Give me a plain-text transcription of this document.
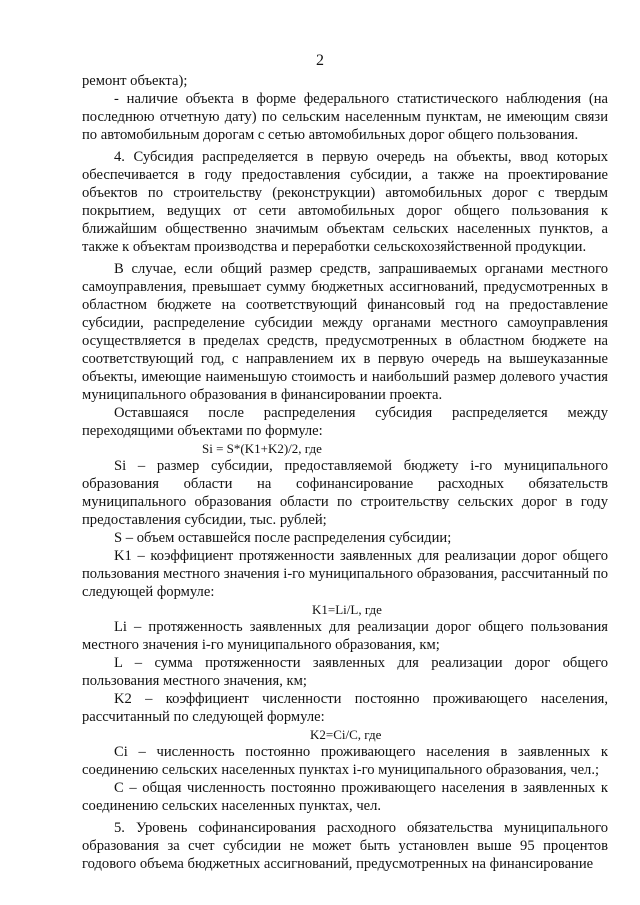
2

ремонт объекта);

- наличие объекта в форме федерального статистического наблюдения (на последнюю отчетную дату) по сельским населенным пунктам, не имеющим связи по автомобильным дорогам с сетью автомобильных дорог общего пользования.

4. Субсидия распределяется в первую очередь на объекты, ввод которых обеспечивается в году предоставления субсидии, а также на проектирование объектов по строительству (реконструкции) автомобильных дорог с твердым покрытием, ведущих от сети автомобильных дорог общего пользования к ближайшим общественно значимым объектам сельских населенных пунктов, а также к объектам производства и переработки сельскохозяйственной продукции.

В случае, если общий размер средств, запрашиваемых органами местного самоуправления, превышает сумму бюджетных ассигнований, предусмотренных в областном бюджете на соответствующий финансовый год на предоставление субсидии, распределение субсидии между органами местного самоуправления осуществляется в пределах средств, предусмотренных в областном бюджете на соответствующий год, с направлением их в первую очередь на вышеуказанные объекты, имеющие наименьшую стоимость и наибольший размер долевого участия муниципального образования в финансировании проекта.

Оставшаяся после распределения субсидия распределяется между переходящими объектами по формуле:

Si = S*(K1+K2)/2, где

Si – размер субсидии, предоставляемой бюджету i-го муниципального образования области на софинансирование расходных обязательств муниципального образования области по строительству сельских дорог в году предоставления субсидии, тыс. рублей;

S – объем оставшейся после распределения субсидии;

K1 – коэффициент протяженности заявленных для реализации дорог общего пользования местного значения i-го муниципального образования, рассчитанный по следующей формуле:

K1=Li/L, где

Li – протяженность заявленных для реализации дорог общего пользования местного значения i-го муниципального образования, км;

L – сумма протяженности заявленных для реализации дорог общего пользования местного значения, км;

K2 – коэффициент численности постоянно проживающего населения, рассчитанный по следующей формуле:

K2=Ci/C, где

Ci – численность постоянно проживающего населения в заявленных к соединению сельских населенных пунктах i-го муниципального образования, чел.;

C – общая численность постоянно проживающего населения в заявленных к соединению сельских населенных пунктах, чел.

5. Уровень софинансирования расходного обязательства муниципального образования за счет субсидии не может быть установлен выше 95 процентов годового объема бюджетных ассигнований, предусмотренных на финансирование
